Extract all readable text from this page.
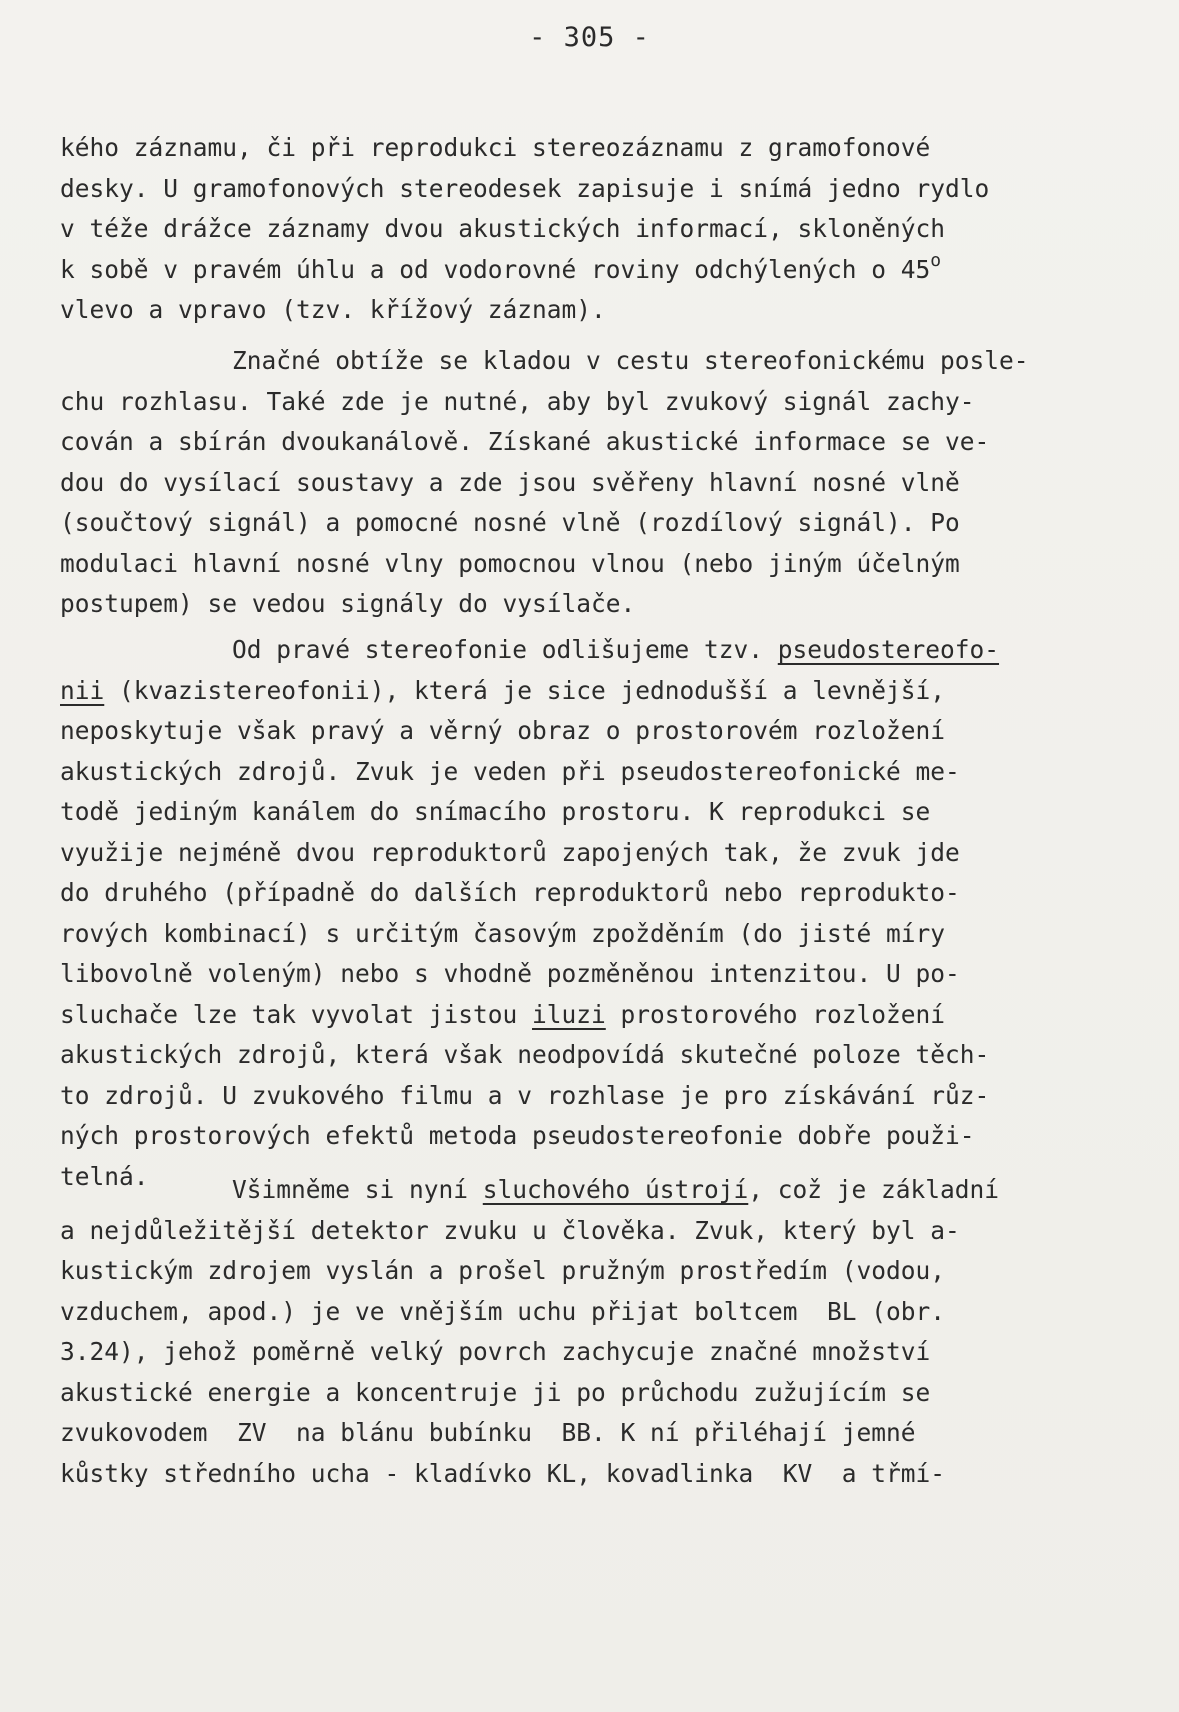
- 305 -

kého záznamu, či při reprodukci stereozáznamu z gramofonové
desky. U gramofonových stereodesek zapisuje i snímá jedno rydlo
v téže drážce záznamy dvou akustických informací, skloněných
k sobě v pravém úhlu a od vodorovné roviny odchýlených o 45$^o$
vlevo a vpravo (tzv. křížový záznam).

Značné obtíže se kladou v cestu stereofonickému posle-
chu rozhlasu. Také zde je nutné, aby byl zvukový signál zachy-
cován a sbírán dvoukanálově. Získané akustické informace se ve-
dou do vysílací soustavy a zde jsou svěřeny hlavní nosné vlně
(součtový signál) a pomocné nosné vlně (rozdílový signál). Po
modulaci hlavní nosné vlny pomocnou vlnou (nebo jiným účelným
postupem) se vedou signály do vysílače.

Od pravé stereofonie odlišujeme tzv. pseudostereofo-
nii (kvazistereofonii), která je sice jednodušší a levnější,
neposkytuje však pravý a věrný obraz o prostorovém rozložení
akustických zdrojů. Zvuk je veden při pseudostereofonické me-
todě jediným kanálem do snímacího prostoru. K reprodukci se
využije nejméně dvou reproduktorů zapojených tak, že zvuk jde
do druhého (případně do dalších reproduktorů nebo reprodukto-
rových kombinací) s určitým časovým zpožděním (do jisté míry
libovolně voleným) nebo s vhodně pozměněnou intenzitou. U po-
sluchače lze tak vyvolat jistou iluzi prostorového rozložení
akustických zdrojů, která však neodpovídá skutečné poloze těch-
to zdrojů. U zvukového filmu a v rozhlase je pro získávání růz-
ných prostorových efektů metoda pseudostereofonie dobře použi-
telná.	Všimněme si nyní sluchového ústrojí, což je základní
a nejdůležitější detektor zvuku u člověka. Zvuk, který byl a-
kustickým zdrojem vyslán a prošel pružným prostředím (vodou,
vzduchem, apod.) je ve vnějším uchu přijat boltcem  BL (obr.
3.24), jehož poměrně velký povrch zachycuje značné množství
akustické energie a koncentruje ji po průchodu zužujícím se
zvukovodem  ZV  na blánu bubínku  BB. K ní přiléhají jemné
kůstky středního ucha - kladívko KL, kovadlinka  KV  a třmí-
